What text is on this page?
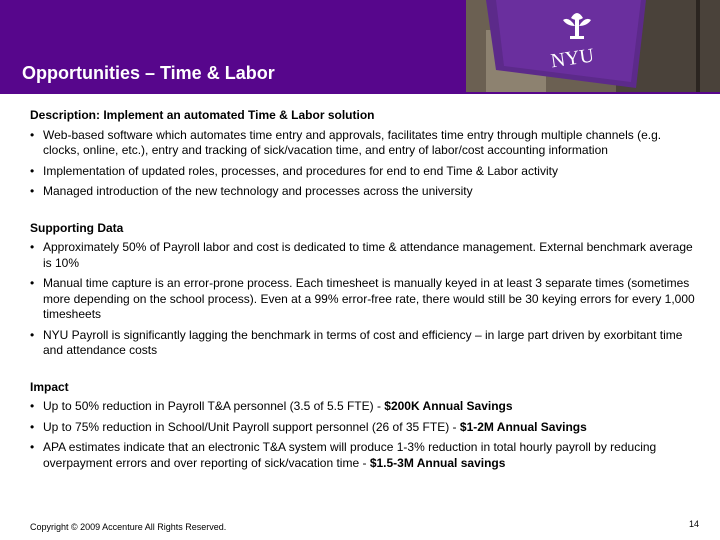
NYU
Opportunities – Time & Labor

Description: Implement an automated Time & Labor solution

• Web-based software which automates time entry and approvals, facilitates time entry through multiple channels (e.g. clocks, online, etc.), entry and tracking of sick/vacation time, and entry of labor/cost accounting information
• Implementation of updated roles, processes, and procedures for end to end Time & Labor activity
• Managed introduction of the new technology and processes across the university

Supporting Data

• Approximately 50% of Payroll labor and cost is dedicated to time & attendance management. External benchmark average is 10%
• Manual time capture is an error-prone process. Each timesheet is manually keyed in at least 3 separate times (sometimes more depending on the school process). Even at a 99% error-free rate, there would still be 30 keying errors for every 1,000 timesheets
• NYU Payroll is significantly lagging the benchmark in terms of cost and efficiency – in large part driven by exorbitant time and attendance costs

Impact

• Up to 50% reduction in Payroll T&A personnel (3.5 of 5.5 FTE) - $200K Annual Savings
• Up to 75% reduction in School/Unit Payroll support personnel (26 of 35 FTE) - $1-2M Annual Savings
• APA estimates indicate that an electronic T&A system will produce 1-3% reduction in total hourly payroll by reducing overpayment errors and over reporting of sick/vacation time - $1.5-3M Annual savings
Copyright © 2009 Accenture All Rights Reserved.	14
